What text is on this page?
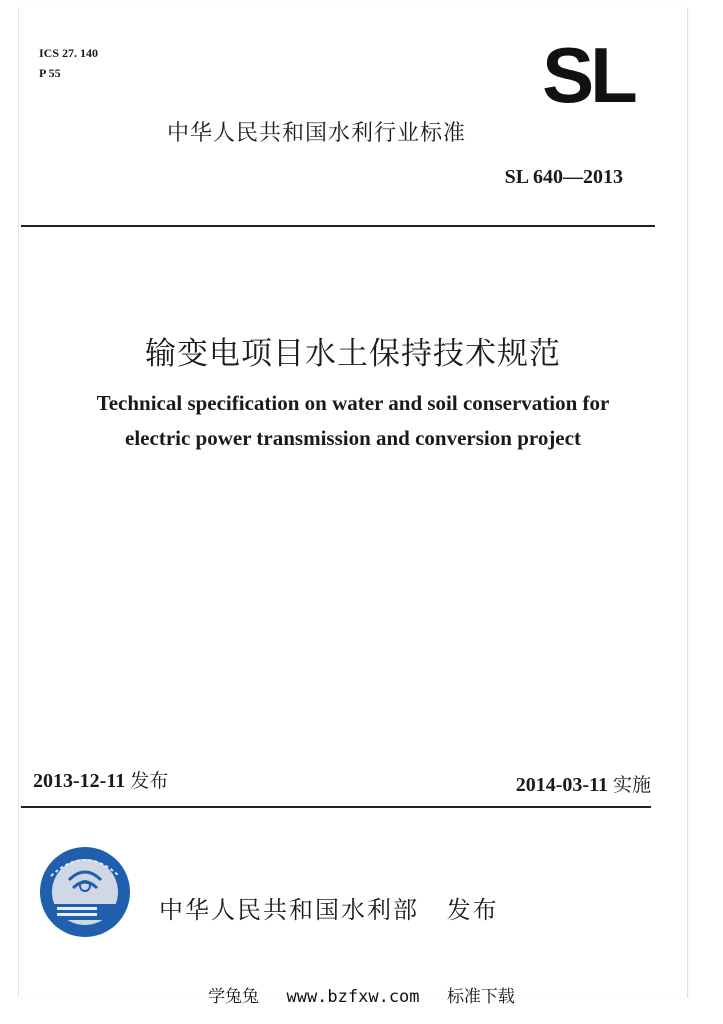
ICS 27. 140
P 55	SL
中华人民共和国水利行业标准
SL 640—2013
输变电项目水土保持技术规范
Technical specification on water and soil conservation for
electric power transmission and conversion project
2013-12-11 发布	2014-03-11 实施
中华人民共和国水利部 发布
学兔兔 www.bzfxw.com 标准下载
